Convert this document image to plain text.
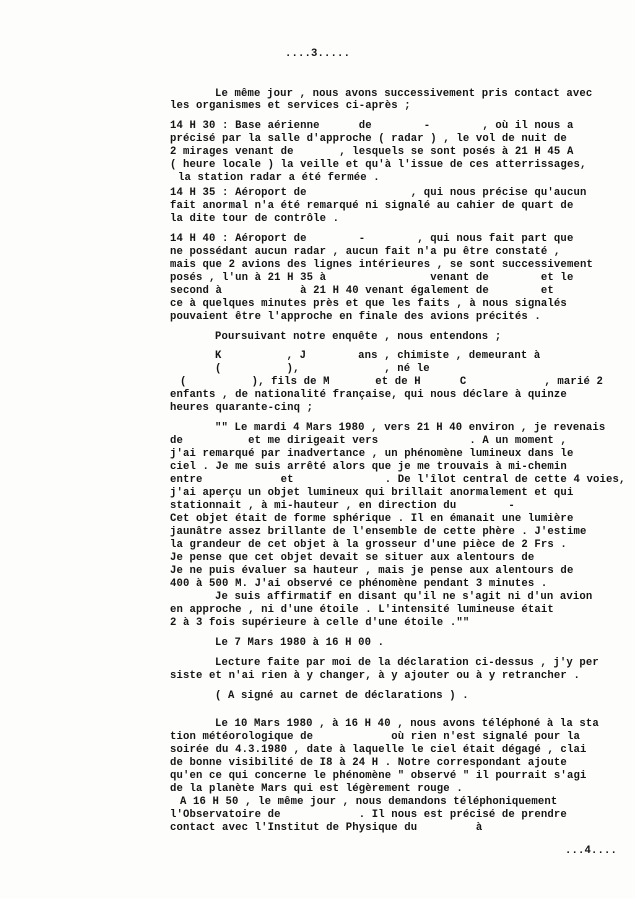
....3.....
Le même jour , nous avons successivement pris contact avec
les organismes et services ci-après ;
14 H 30 : Base aérienne      de        -        , où il nous a
précisé par la salle d'approche ( radar ) , le vol de nuit de
2 mirages venant de       , lesquels se sont posés à 21 H 45 A
( heure locale ) la veille et qu'à l'issue de ces atterrissages,
la station radar a été fermée .
14 H 35 : Aéroport de                , qui nous précise qu'aucun
fait anormal n'a été remarqué ni signalé au cahier de quart de
la dite tour de contrôle .
14 H 40 : Aéroport de        -        , qui nous fait part que
ne possédant aucun radar , aucun fait n'a pu être constaté ,
mais que 2 avions des lignes intérieures , se sont successivement
posés , l'un à 21 H 35 à                venant de        et le
second à            à 21 H 40 venant également de        et
ce à quelques minutes près et que les faits , à nous signalés
pouvaient être l'approche en finale des avions précités .
Poursuivant notre enquête , nous entendons ;
K          , J        ans , chimiste , demeurant à
(          ),             , né le
(          ), fils de M       et de H      C            , marié 2
enfants , de nationalité française, qui nous déclare à quinze
heures quarante-cinq ;
"" Le mardi 4 Mars 1980 , vers 21 H 40 environ , je revenais
de          et me dirigeait vers              . A un moment ,
j'ai remarqué par inadvertance , un phénomène lumineux dans le
ciel . Je me suis arrêté alors que je me trouvais à mi-chemin
entre            et              . De l'îlot central de cette 4 voies,
j'ai aperçu un objet lumineux qui brillait anormalement et qui
stationnait , à mi-hauteur , en direction du        -
Cet objet était de forme sphérique . Il en émanait une lumière
jaunâtre assez brillante de l'ensemble de cette phère . J'estime
la grandeur de cet objet à la grosseur d'une pièce de 2 Frs .
Je pense que cet objet devait se situer aux alentours de
Je ne puis évaluer sa hauteur , mais je pense aux alentours de
400 à 500 M. J'ai observé ce phénomène pendant 3 minutes .
Je suis affirmatif en disant qu'il ne s'agit ni d'un avion
en approche , ni d'une étoile . L'intensité lumineuse était
2 à 3 fois supérieure à celle d'une étoile .""
Le 7 Mars 1980 à 16 H 00 .
Lecture faite par moi de la déclaration ci-dessus , j'y per
siste et n'ai rien à y changer, à y ajouter ou à y retrancher .
( A signé au carnet de déclarations ) .
Le 10 Mars 1980 , à 16 H 40 , nous avons téléphoné à la sta
tion météorologique de            où rien n'est signalé pour la
soirée du 4.3.1980 , date à laquelle le ciel était dégagé , clai
de bonne visibilité de I8 à 24 H . Notre correspondant ajoute
qu'en ce qui concerne le phénomène " observé " il pourrait s'agi
de la planète Mars qui est légèrement rouge .
A 16 H 50 , le même jour , nous demandons téléphoniquement
l'Observatoire de            . Il nous est précisé de prendre
contact avec l'Institut de Physique du         à
...4....
